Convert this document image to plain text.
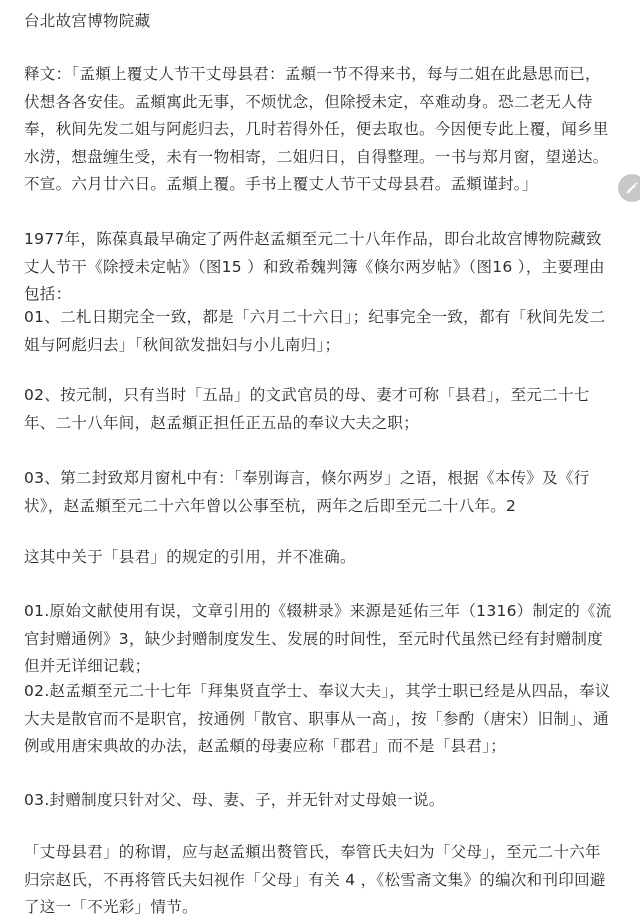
台北故宫博物院藏

释文：「孟頫上覆丈人节干丈母县君：孟頫一节不得来书，每与二姐在此悬思而已，伏想各各安佳。孟頫寓此无事，不烦忧念，但除授未定，卒难动身。恐二老无人侍奉，秋间先发二姐与阿彪归去，几时若得外任，便去取也。今因便专此上覆，闻乡里水涝，想盘缠生受，未有一物相寄，二姐归日，自得整理。一书与郑月窗，望递达。不宣。六月廿六日。孟頫上覆。手书上覆丈人节干丈母县君。孟頫谨封。」

1977年，陈葆真最早确定了两件赵孟頫至元二十八年作品，即台北故宫博物院藏致丈人节干《除授未定帖》（图15 ）和致希魏判簿《倏尔两岁帖》（图16 ），主要理由包括：

01、二札日期完全一致，都是「六月二十六日」；纪事完全一致，都有「秋间先发二姐与阿彪归去」「秋间欲发拙妇与小儿南归」；

02、按元制，只有当时「五品」的文武官员的母、妻才可称「县君」，至元二十七年、二十八年间，赵孟頫正担任正五品的奉议大夫之职；

03、第二封致郑月窗札中有：「奉别诲言，倏尔两岁」之语，根据《本传》及《行状》，赵孟頫至元二十六年曾以公事至杭，两年之后即至元二十八年。2

这其中关于「县君」的规定的引用，并不准确。

01.原始文献使用有误，文章引用的《辍耕录》来源是延佑三年（1316）制定的《流官封赠通例》3，缺少封赠制度发生、发展的时间性，至元时代虽然已经有封赠制度但并无详细记载；

02.赵孟頫至元二十七年「拜集贤直学士、奉议大夫」，其学士职已经是从四品，奉议大夫是散官而不是职官，按通例「散官、职事从一高」，按「参酌（唐宋）旧制」、通例或用唐宋典故的办法，赵孟頫的母妻应称「郡君」而不是「县君」；

03.封赠制度只针对父、母、妻、子，并无针对丈母娘一说。

「丈母县君」的称谓，应与赵孟頫出赘管氏，奉管氏夫妇为「父母」，至元二十六年归宗赵氏，不再将管氏夫妇视作「父母」有关 4 ，《松雪斋文集》的编次和刊印回避了这一「不光彩」情节。
